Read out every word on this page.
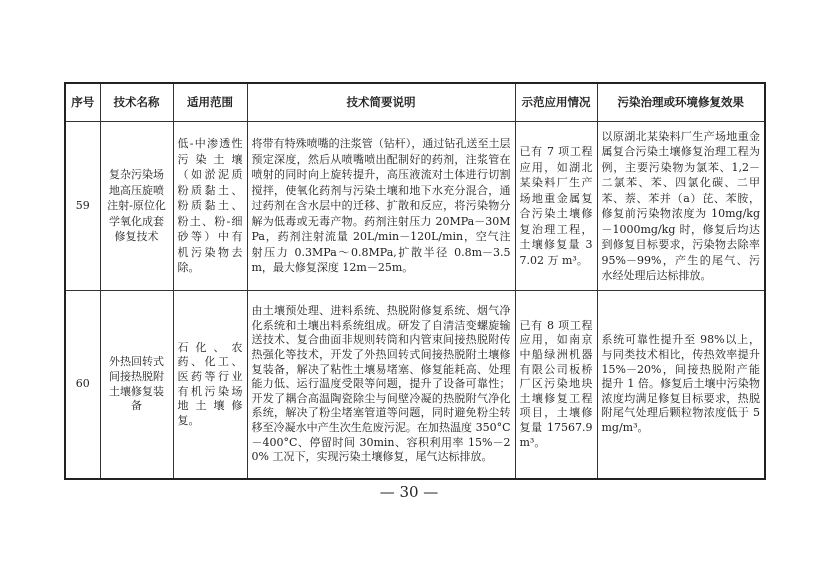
序号	技术名称	适用范围	技术简要说明	示范应用情况	污染治理或环境修复效果
59	复杂污染场地高压旋喷注射-原位化学氧化成套修复技术	低-中渗透性污染土壤（如淤泥质粉质黏土、粉质黏土、粉土、粉-细砂等）中有机污染物去除。	将带有特殊喷嘴的注浆管（钻杆），通过钻孔送至土层预定深度，然后从喷嘴喷出配制好的药剂，注浆管在喷射的同时向上旋转提升，高压液流对土体进行切割搅拌，使氧化药剂与污染土壤和地下水充分混合，通过药剂在含水层中的迁移、扩散和反应，将污染物分解为低毒或无毒产物。药剂注射压力 20MPa－30MPa，药剂注射流量 20L/min－120L/min，空气注射压力 0.3MPa～0.8MPa,扩散半径 0.8m－3.5m，最大修复深度 12m－25m。	已有 7 项工程应用，如湖北某染料厂生产场地重金属复合污染土壤修复治理工程，土壤修复量 37.02 万 m³。	以原湖北某染料厂生产场地重金属复合污染土壤修复治理工程为例，主要污染物为氯苯、1,2－二氯苯、苯、四氯化碳、二甲苯、萘、苯并（a）芘、苯胺，修复前污染物浓度为 10mg/kg－1000mg/kg 时，修复后均达到修复目标要求，污染物去除率 95%－99%，产生的尾气、污水经处理后达标排放。
60	外热回转式间接热脱附土壤修复装备	石化、农药、化工、医药等行业有机污染场地土壤修复。	由土壤预处理、进料系统、热脱附修复系统、烟气净化系统和土壤出料系统组成。研发了自清洁变螺旋输送技术、复合曲面非规则转筒和内管束间接热脱附传热强化等技术，开发了外热回转式间接热脱附土壤修复装备，解决了粘性土壤易堵塞、修复能耗高、处理能力低、运行温度受限等问题，提升了设备可靠性；开发了耦合高温陶瓷除尘与间壁冷凝的热脱附气净化系统，解决了粉尘堵塞管道等问题，同时避免粉尘转移至冷凝水中产生次生危废污泥。在加热温度 350°C－400°C、停留时间 30min、容积利用率 15%－20% 工况下，实现污染土壤修复，尾气达标排放。	已有 8 项工程应用，如南京中船绿洲机器有限公司板桥厂区污染地块土壤修复工程项目，土壤修复量 17567.9m³。	系统可靠性提升至 98%以上，与同类技术相比，传热效率提升 15%－20%，间接热脱附产能提升 1 倍。修复后土壤中污染物浓度均满足修复目标要求，热脱附尾气处理后颗粒物浓度低于 5mg/m³。
— 30 —
